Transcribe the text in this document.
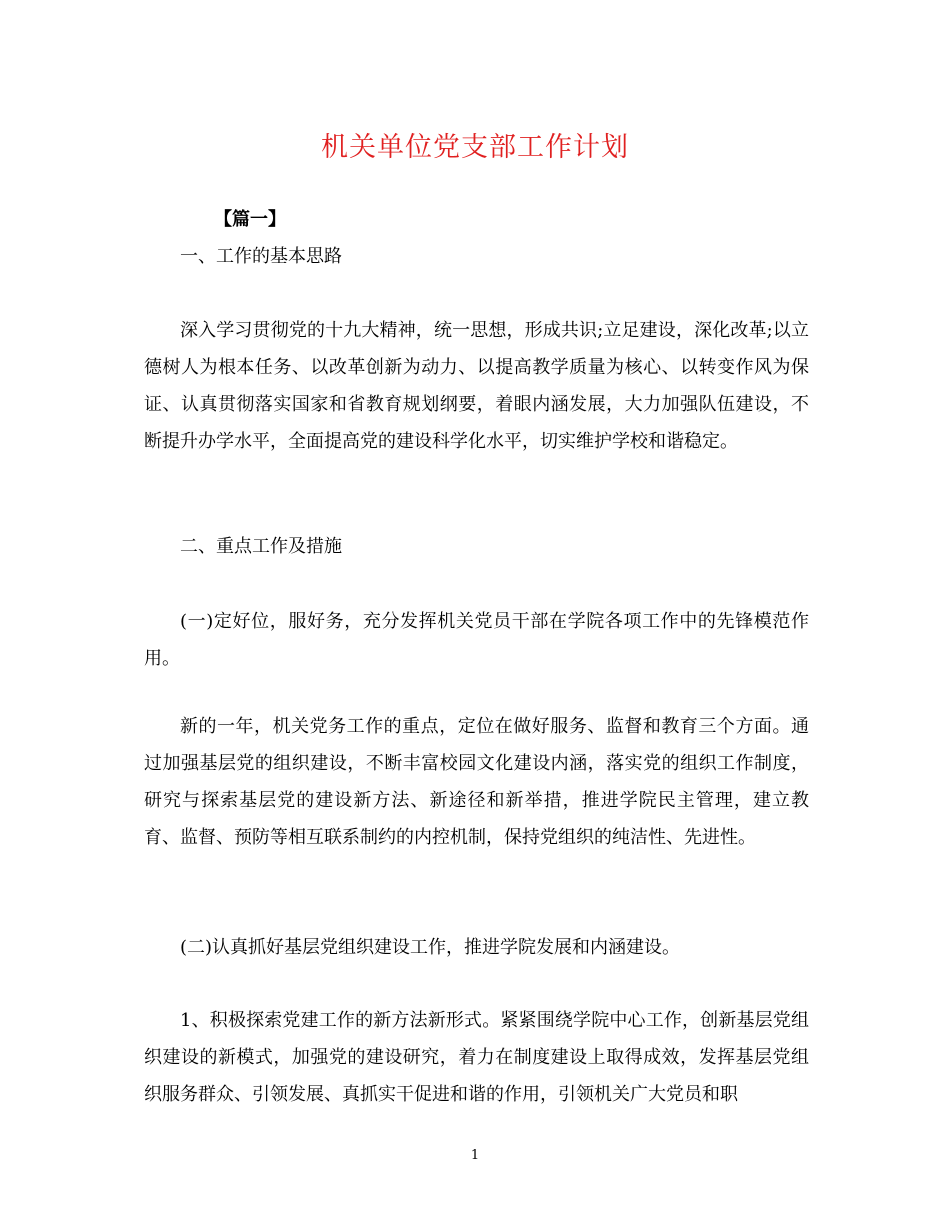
机关单位党支部工作计划
【篇一】
一、工作的基本思路

深入学习贯彻党的十九大精神，统一思想，形成共识;立足建设，深化改革;以立德树人为根本任务、以改革创新为动力、以提高教学质量为核心、以转变作风为保证、认真贯彻落实国家和省教育规划纲要，着眼内涵发展，大力加强队伍建设，不断提升办学水平，全面提高党的建设科学化水平，切实维护学校和谐稳定。

二、重点工作及措施

(一)定好位，服好务，充分发挥机关党员干部在学院各项工作中的先锋模范作用。

新的一年，机关党务工作的重点，定位在做好服务、监督和教育三个方面。通过加强基层党的组织建设，不断丰富校园文化建设内涵，落实党的组织工作制度，研究与探索基层党的建设新方法、新途径和新举措，推进学院民主管理，建立教育、监督、预防等相互联系制约的内控机制，保持党组织的纯洁性、先进性。

(二)认真抓好基层党组织建设工作，推进学院发展和内涵建设。

1、积极探索党建工作的新方法新形式。紧紧围绕学院中心工作，创新基层党组织建设的新模式，加强党的建设研究，着力在制度建设上取得成效，发挥基层党组织服务群众、引领发展、真抓实干促进和谐的作用，引领机关广大党员和职

1
